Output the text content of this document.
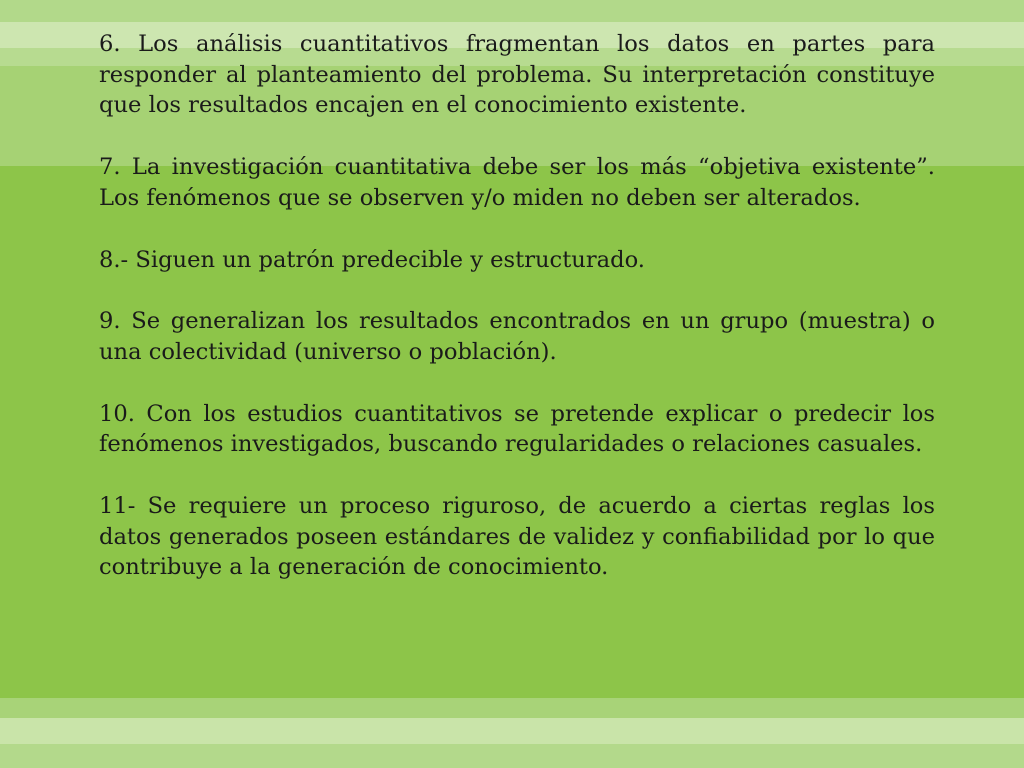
6. Los análisis cuantitativos fragmentan los datos en partes para responder al planteamiento del problema. Su interpretación constituye que los resultados encajen en el conocimiento existente.

7. La investigación cuantitativa debe ser los más “objetiva existente”. Los fenómenos que se observen y/o miden no deben ser alterados.

8.- Siguen un patrón predecible y estructurado.

9. Se generalizan los resultados encontrados en un grupo (muestra) o una colectividad (universo o población).

10. Con los estudios cuantitativos se pretende explicar o predecir los fenómenos investigados, buscando regularidades o relaciones casuales.

11- Se requiere un proceso riguroso, de acuerdo a ciertas reglas los datos generados poseen estándares de validez y confiabilidad por lo que contribuye a la generación de conocimiento.
